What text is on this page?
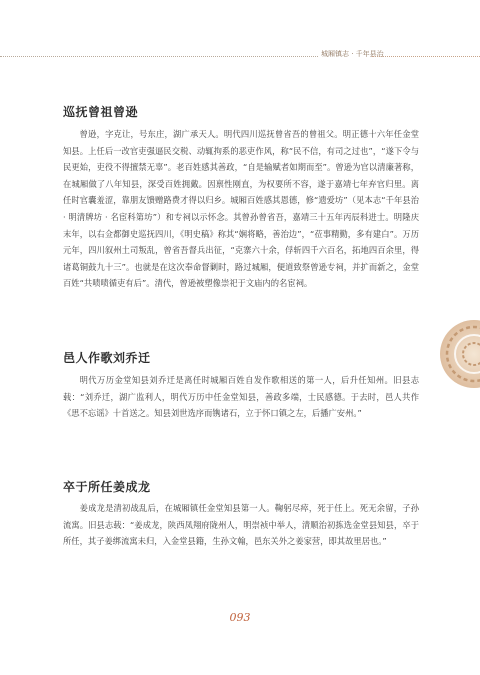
城厢镇志 · 千年县治
巡抚曾祖曾逊

曾逊，字克让，号东庄，湖广承天人。明代四川巡抚曾省吾的曾祖父。明正德十六年任金堂知县。上任后一改官吏强逼民交税、动辄拘系的恶吏作风，称“民不信，有司之过也”，“遂下令与民更始，吏役不得擅禁无辜”。老百姓感其善政，“自是输赋者如期而至”。曾逊为官以清廉著称，在城厢做了八年知县，深受百姓拥戴。因禀性刚直，为权要所不容，遂于嘉靖七年弃官归里。离任时官囊羞涩，靠朋友馈赠路费才得以归乡。城厢百姓感其恩德，修“遗爱坊”（见本志“千年县治 · 明清牌坊 · 名宦科第坊”）和专祠以示怀念。其曾孙曾省吾，嘉靖三十五年丙辰科进士。明隆庆末年，以右佥都御史巡抚四川，《明史稿》称其“娴将略，善治边”，“莅事精勤，多有建白”。万历元年，四川叙州土司叛乱，曾省吾督兵出征，“克寨六十余，俘斩四千六百名，拓地四百余里，得诸葛铜鼓九十三”。也就是在这次奉命督剿时，路过城厢，便道致祭曾逊专祠，并扩而新之，金堂百姓“共啧啧循吏有后”。清代，曾逊被塑像崇祀于文庙内的名宦祠。

邑人作歌刘乔迁

明代万历金堂知县刘乔迁是离任时城厢百姓自发作歌相送的第一人，后升任知州。旧县志载：“刘乔迁，湖广监利人，明代万历中任金堂知县，善政多端，士民感德。于去时，邑人共作《思不忘谣》十首送之。知县刘世选序而镌诸石，立于怀口镇之左，后播广安州。”

卒于所任姜成龙

姜成龙是清初战乱后，在城厢镇任金堂知县第一人。鞠躬尽瘁，死于任上。死无余留，子孙流寓。旧县志载：“姜成龙，陕西凤翔府陇州人，明崇祯中举人，清顺治初拣选金堂县知县，卒于所任，其子姜绑流寓未归，入金堂县籍，生孙文翰，邑东关外之姜家营，即其故里居也。”

093
